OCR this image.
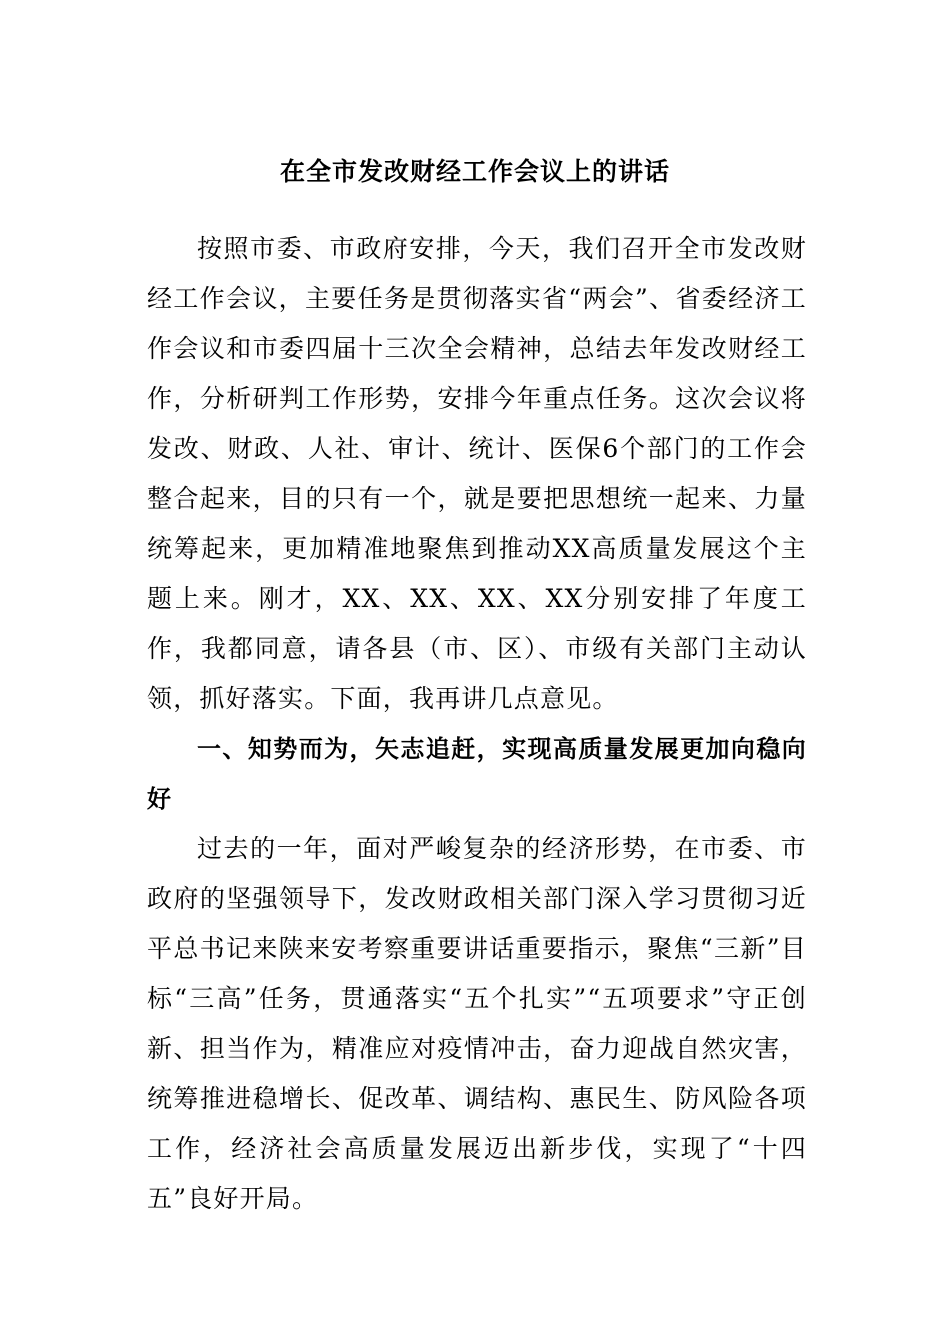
在全市发改财经工作会议上的讲话

按照市委、市政府安排，今天，我们召开全市发改财经工作会议，主要任务是贯彻落实省“两会”、省委经济工作会议和市委四届十三次全会精神，总结去年发改财经工作，分析研判工作形势，安排今年重点任务。这次会议将发改、财政、人社、审计、统计、医保6个部门的工作会整合起来，目的只有一个，就是要把思想统一起来、力量统筹起来，更加精准地聚焦到推动XX高质量发展这个主题上来。刚才，XX、XX、XX、XX分别安排了年度工作，我都同意，请各县（市、区）、市级有关部门主动认领，抓好落实。下面，我再讲几点意见。

一、知势而为，矢志追赶，实现高质量发展更加向稳向好

过去的一年，面对严峻复杂的经济形势，在市委、市政府的坚强领导下，发改财政相关部门深入学习贯彻习近平总书记来陕来安考察重要讲话重要指示，聚焦“三新”目标“三高”任务，贯通落实“五个扎实”“五项要求”守正创新、担当作为，精准应对疫情冲击，奋力迎战自然灾害，统筹推进稳增长、促改革、调结构、惠民生、防风险各项工作，经济社会高质量发展迈出新步伐，实现了“十四五”良好开局。
